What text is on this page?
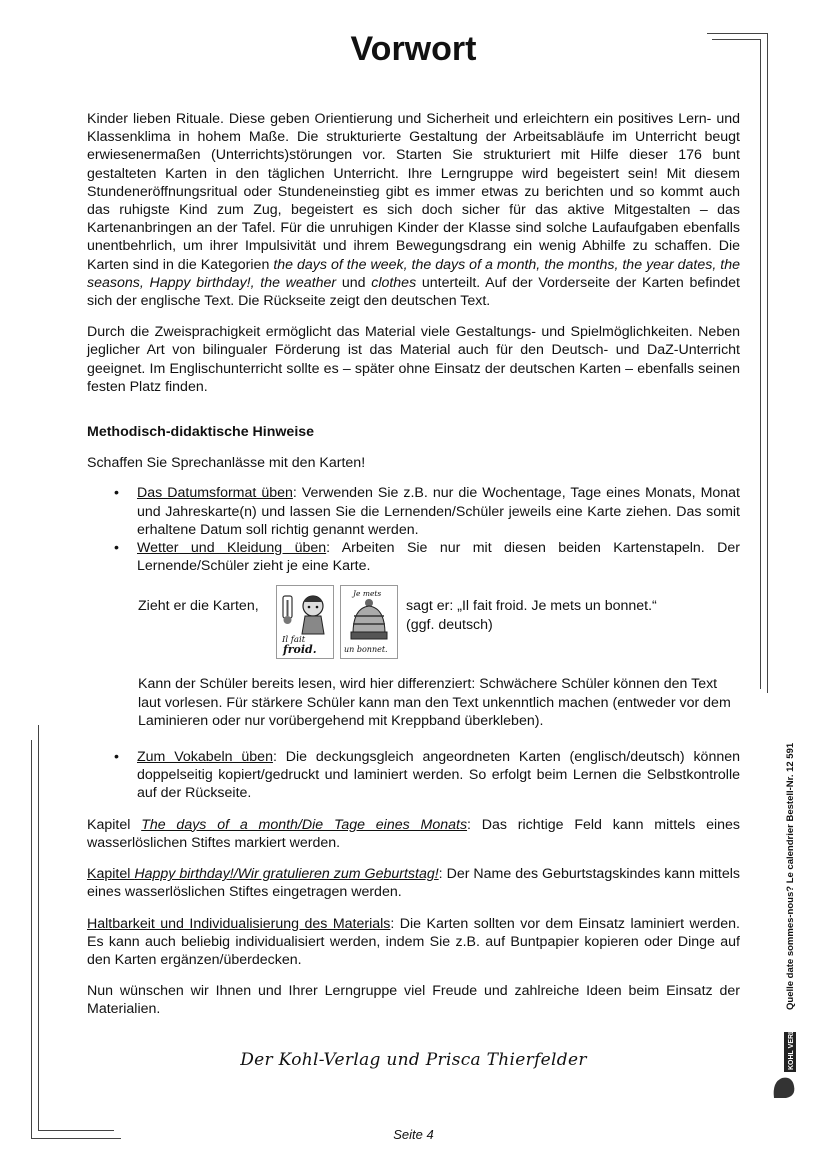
Vorwort

Kinder lieben Rituale. Diese geben Orientierung und Sicherheit und erleichtern ein positives Lern- und Klassenklima in hohem Maße. Die strukturierte Gestaltung der Arbeitsabläufe im Unterricht beugt erwiesenermaßen (Unterrichts)störungen vor. Starten Sie strukturiert mit Hilfe dieser 176 bunt gestalteten Karten in den täglichen Unterricht. Ihre Lerngruppe wird begeistert sein! Mit diesem Stundeneröffnungsritual oder Stundeneinstieg gibt es immer etwas zu berichten und so kommt auch das ruhigste Kind zum Zug, begeistert es sich doch sicher für das aktive Mitgestalten – das Kartenanbringen an der Tafel. Für die unruhigen Kinder der Klasse sind solche Laufaufgaben ebenfalls unentbehrlich, um ihrer Impulsivität und ihrem Bewegungsdrang ein wenig Abhilfe zu schaffen. Die Karten sind in die Kategorien the days of the week, the days of a month, the months, the year dates, the seasons, Happy birthday!, the weather und clothes unterteilt. Auf der Vorderseite der Karten befindet sich der englische Text. Die Rückseite zeigt den deutschen Text.

Durch die Zweisprachigkeit ermöglicht das Material viele Gestaltungs- und Spielmöglichkeiten. Neben jeglicher Art von bilingualer Förderung ist das Material auch für den Deutsch- und DaZ-Unterricht geeignet. Im Englischunterricht sollte es – später ohne Einsatz der deutschen Karten – ebenfalls seinen festen Platz finden.

Methodisch-didaktische Hinweise

Schaffen Sie Sprechanlässe mit den Karten!

• Das Datumsformat üben: Verwenden Sie z.B. nur die Wochentage, Tage eines Monats, Monat und Jahreskarte(n) und lassen Sie die Lernenden/Schüler jeweils eine Karte ziehen. Das somit erhaltene Datum soll richtig genannt werden.
• Wetter und Kleidung üben: Arbeiten Sie nur mit diesen beiden Kartenstapeln. Der Lernende/Schüler zieht je eine Karte.
Zieht er die Karten,
Il fait
froid.
Je mets
un bonnet.
sagt er: „Il fait froid. Je mets un bonnet.“
(ggf. deutsch)

Kann der Schüler bereits lesen, wird hier differenziert: Schwächere Schüler können den Text laut vorlesen. Für stärkere Schüler kann man den Text unkenntlich machen (entweder vor dem Laminieren oder nur vorübergehend mit Kreppband überkleben).

• Zum Vokabeln üben: Die deckungsgleich angeordneten Karten (englisch/deutsch) können doppelseitig kopiert/gedruckt und laminiert werden. So erfolgt beim Lernen die Selbstkontrolle auf der Rückseite.

Kapitel The days of a month/Die Tage eines Monats: Das richtige Feld kann mittels eines wasserlöslichen Stiftes markiert werden.

Kapitel Happy birthday!/Wir gratulieren zum Geburtstag!: Der Name des Geburtstagskindes kann mittels eines wasserlöslichen Stiftes eingetragen werden.

Haltbarkeit und Individualisierung des Materials: Die Karten sollten vor dem Einsatz laminiert werden. Es kann auch beliebig individualisiert werden, indem Sie z.B. auf Buntpapier kopieren oder Dinge auf den Karten ergänzen/überdecken.

Nun wünschen wir Ihnen und Ihrer Lerngruppe viel Freude und zahlreiche Ideen beim Einsatz der Materialien.

Der Kohl-Verlag und Prisca Thierfelder
Seite 4
Quelle date sommes-nous? Le calendrier Bestell-Nr. 12 591
KOHL VERLAG
